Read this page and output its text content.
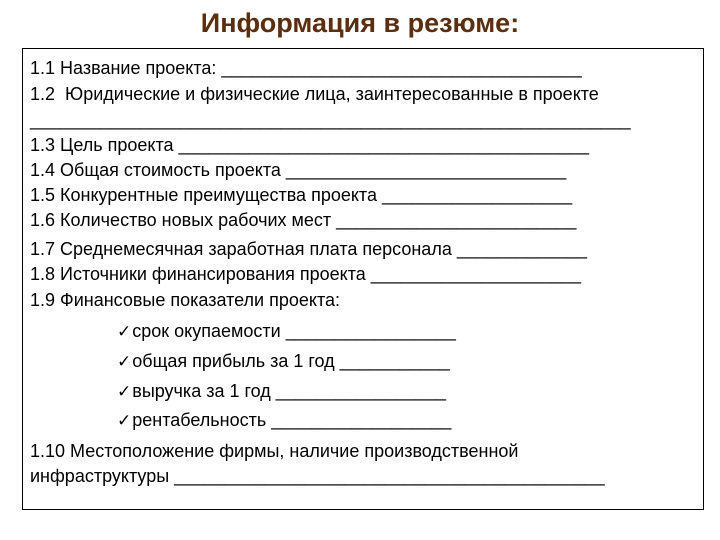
Информация в резюме:
1.1 Название проекта: ____________________________________
1.2  Юридические и физические лица, заинтересованные в проекте
____________________________________________________________
1.3 Цель проекта _________________________________________
1.4 Общая стоимость проекта ____________________________
1.5 Конкурентные преимущества проекта ___________________
1.6 Количество новых рабочих мест ________________________
1.7 Среднемесячная заработная плата персонала _____________
1.8 Источники финансирования проекта _____________________
1.9 Финансовые показатели проекта:
✓срок окупаемости _________________
✓общая прибыль за 1 год ___________
✓выручка за 1 год _________________
✓рентабельность __________________
1.10 Местоположение фирмы, наличие производственной
инфраструктуры ___________________________________________
